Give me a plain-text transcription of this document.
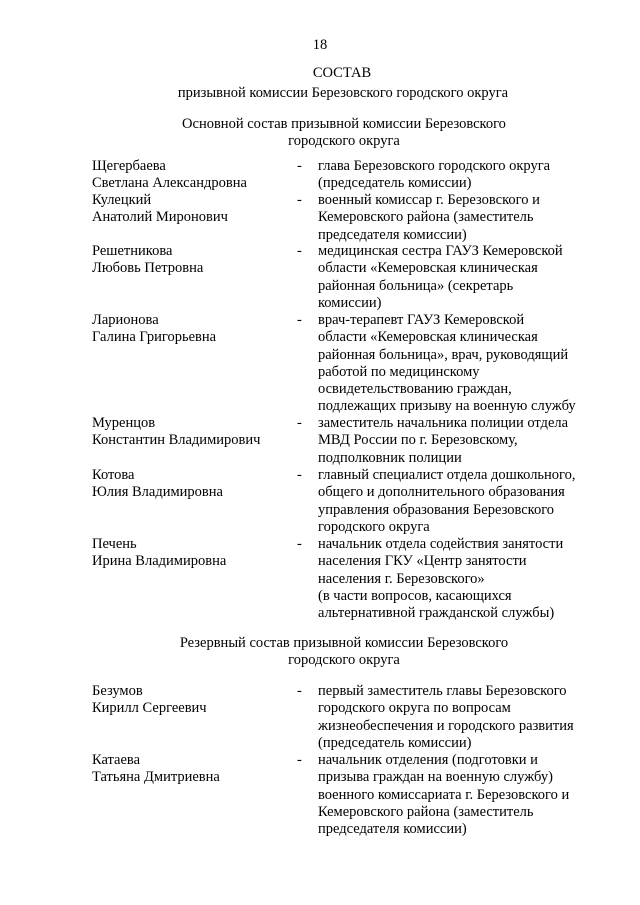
18
СОСТАВ
призывной комиссии Березовского городского округа
Основной состав призывной комиссии Березовского
городского округа
Щегербаева
Светлана Александровна
- глава Березовского городского округа
(председатель комиссии)
Кулецкий
Анатолий Миронович
- военный комиссар г. Березовского и
Кемеровского района (заместитель
председателя комиссии)
Решетникова
Любовь Петровна
- медицинская сестра ГАУЗ Кемеровской
области «Кемеровская клиническая
районная больница» (секретарь
комиссии)
Ларионова
Галина Григорьевна
- врач-терапевт ГАУЗ Кемеровской
области «Кемеровская клиническая
районная больница», врач, руководящий
работой по медицинскому
освидетельствованию граждан,
подлежащих призыву на военную службу
Муренцов
Константин Владимирович
- заместитель начальника полиции отдела
МВД России по г. Березовскому,
подполковник полиции
Котова
Юлия Владимировна
- главный специалист отдела дошкольного,
общего и дополнительного образования
управления образования Березовского
городского округа
Печень
Ирина Владимировна
- начальник отдела содействия занятости
населения ГКУ «Центр занятости
населения г. Березовского»
(в части вопросов, касающихся
альтернативной гражданской службы)
Резервный состав призывной комиссии Березовского
городского округа
Безумов
Кирилл Сергеевич
- первый заместитель главы Березовского
городского округа по вопросам
жизнеобеспечения и городского развития
(председатель комиссии)
Катаева
Татьяна Дмитриевна
- начальник отделения (подготовки и
призыва граждан на военную службу)
военного комиссариата г. Березовского и
Кемеровского района (заместитель
председателя комиссии)
